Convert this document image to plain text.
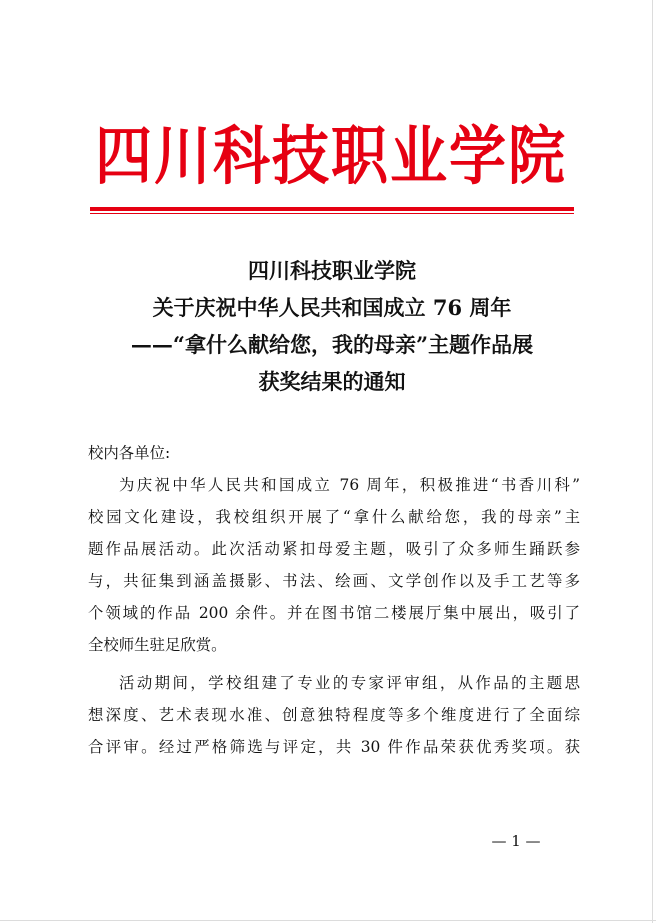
四川科技职业学院
四川科技职业学院
关于庆祝中华人民共和国成立 76 周年
——“拿什么献给您，我的母亲”主题作品展
获奖结果的通知
校内各单位:
为庆祝中华人民共和国成立 76 周年，积极推进“书香川科”
校园文化建设，我校组织开展了“拿什么献给您，我的母亲”主
题作品展活动。此次活动紧扣母爱主题，吸引了众多师生踊跃参
与，共征集到涵盖摄影、书法、绘画、文学创作以及手工艺等多
个领域的作品 200 余件。并在图书馆二楼展厅集中展出，吸引了
全校师生驻足欣赏。
活动期间，学校组建了专业的专家评审组，从作品的主题思
想深度、艺术表现水准、创意独特程度等多个维度进行了全面综
合评审。经过严格筛选与评定，共 30 件作品荣获优秀奖项。获
— 1 —
